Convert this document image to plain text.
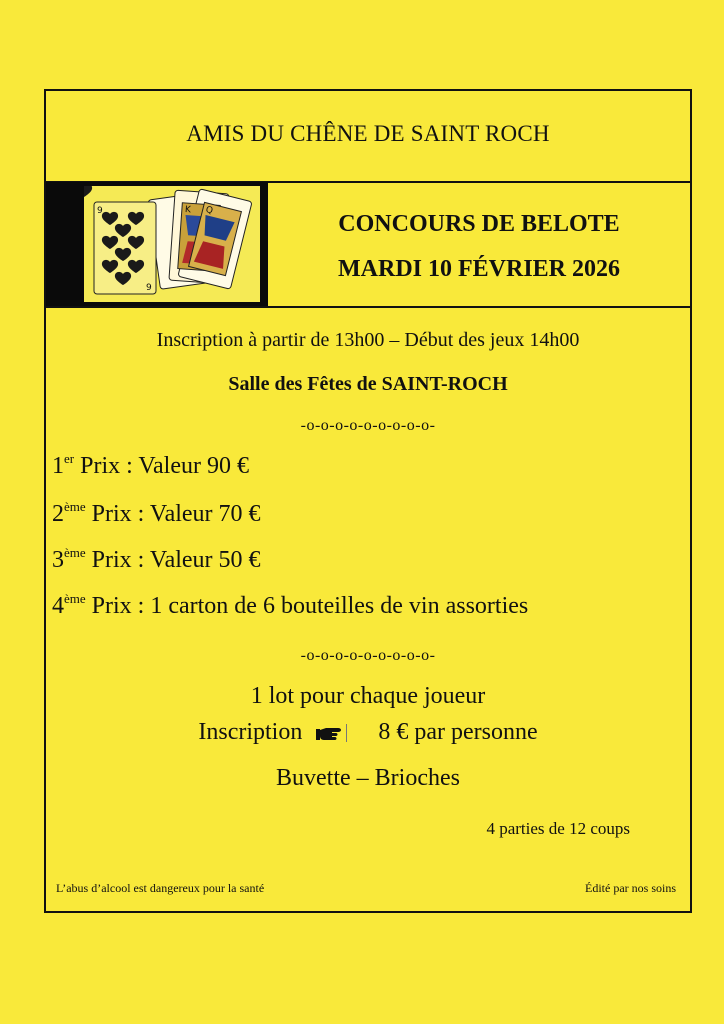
AMIS DU CHÊNE DE SAINT ROCH
K Q
9
9
CONCOURS DE BELOTE
MARDI 10 FÉVRIER 2026
Inscription à partir de 13h00 – Début des jeux 14h00
Salle des Fêtes de SAINT-ROCH
-o-o-o-o-o-o-o-o-o-
1er Prix : Valeur 90 €
2ème Prix : Valeur 70 €
3ème Prix : Valeur 50 €
4ème Prix : 1 carton de 6 bouteilles de vin assorties
-o-o-o-o-o-o-o-o-o-
1 lot pour chaque joueur
Inscription	8 € par personne
Buvette – Brioches
4 parties de 12 coups
L’abus d’alcool est dangereux pour la santé	Édité par nos soins
